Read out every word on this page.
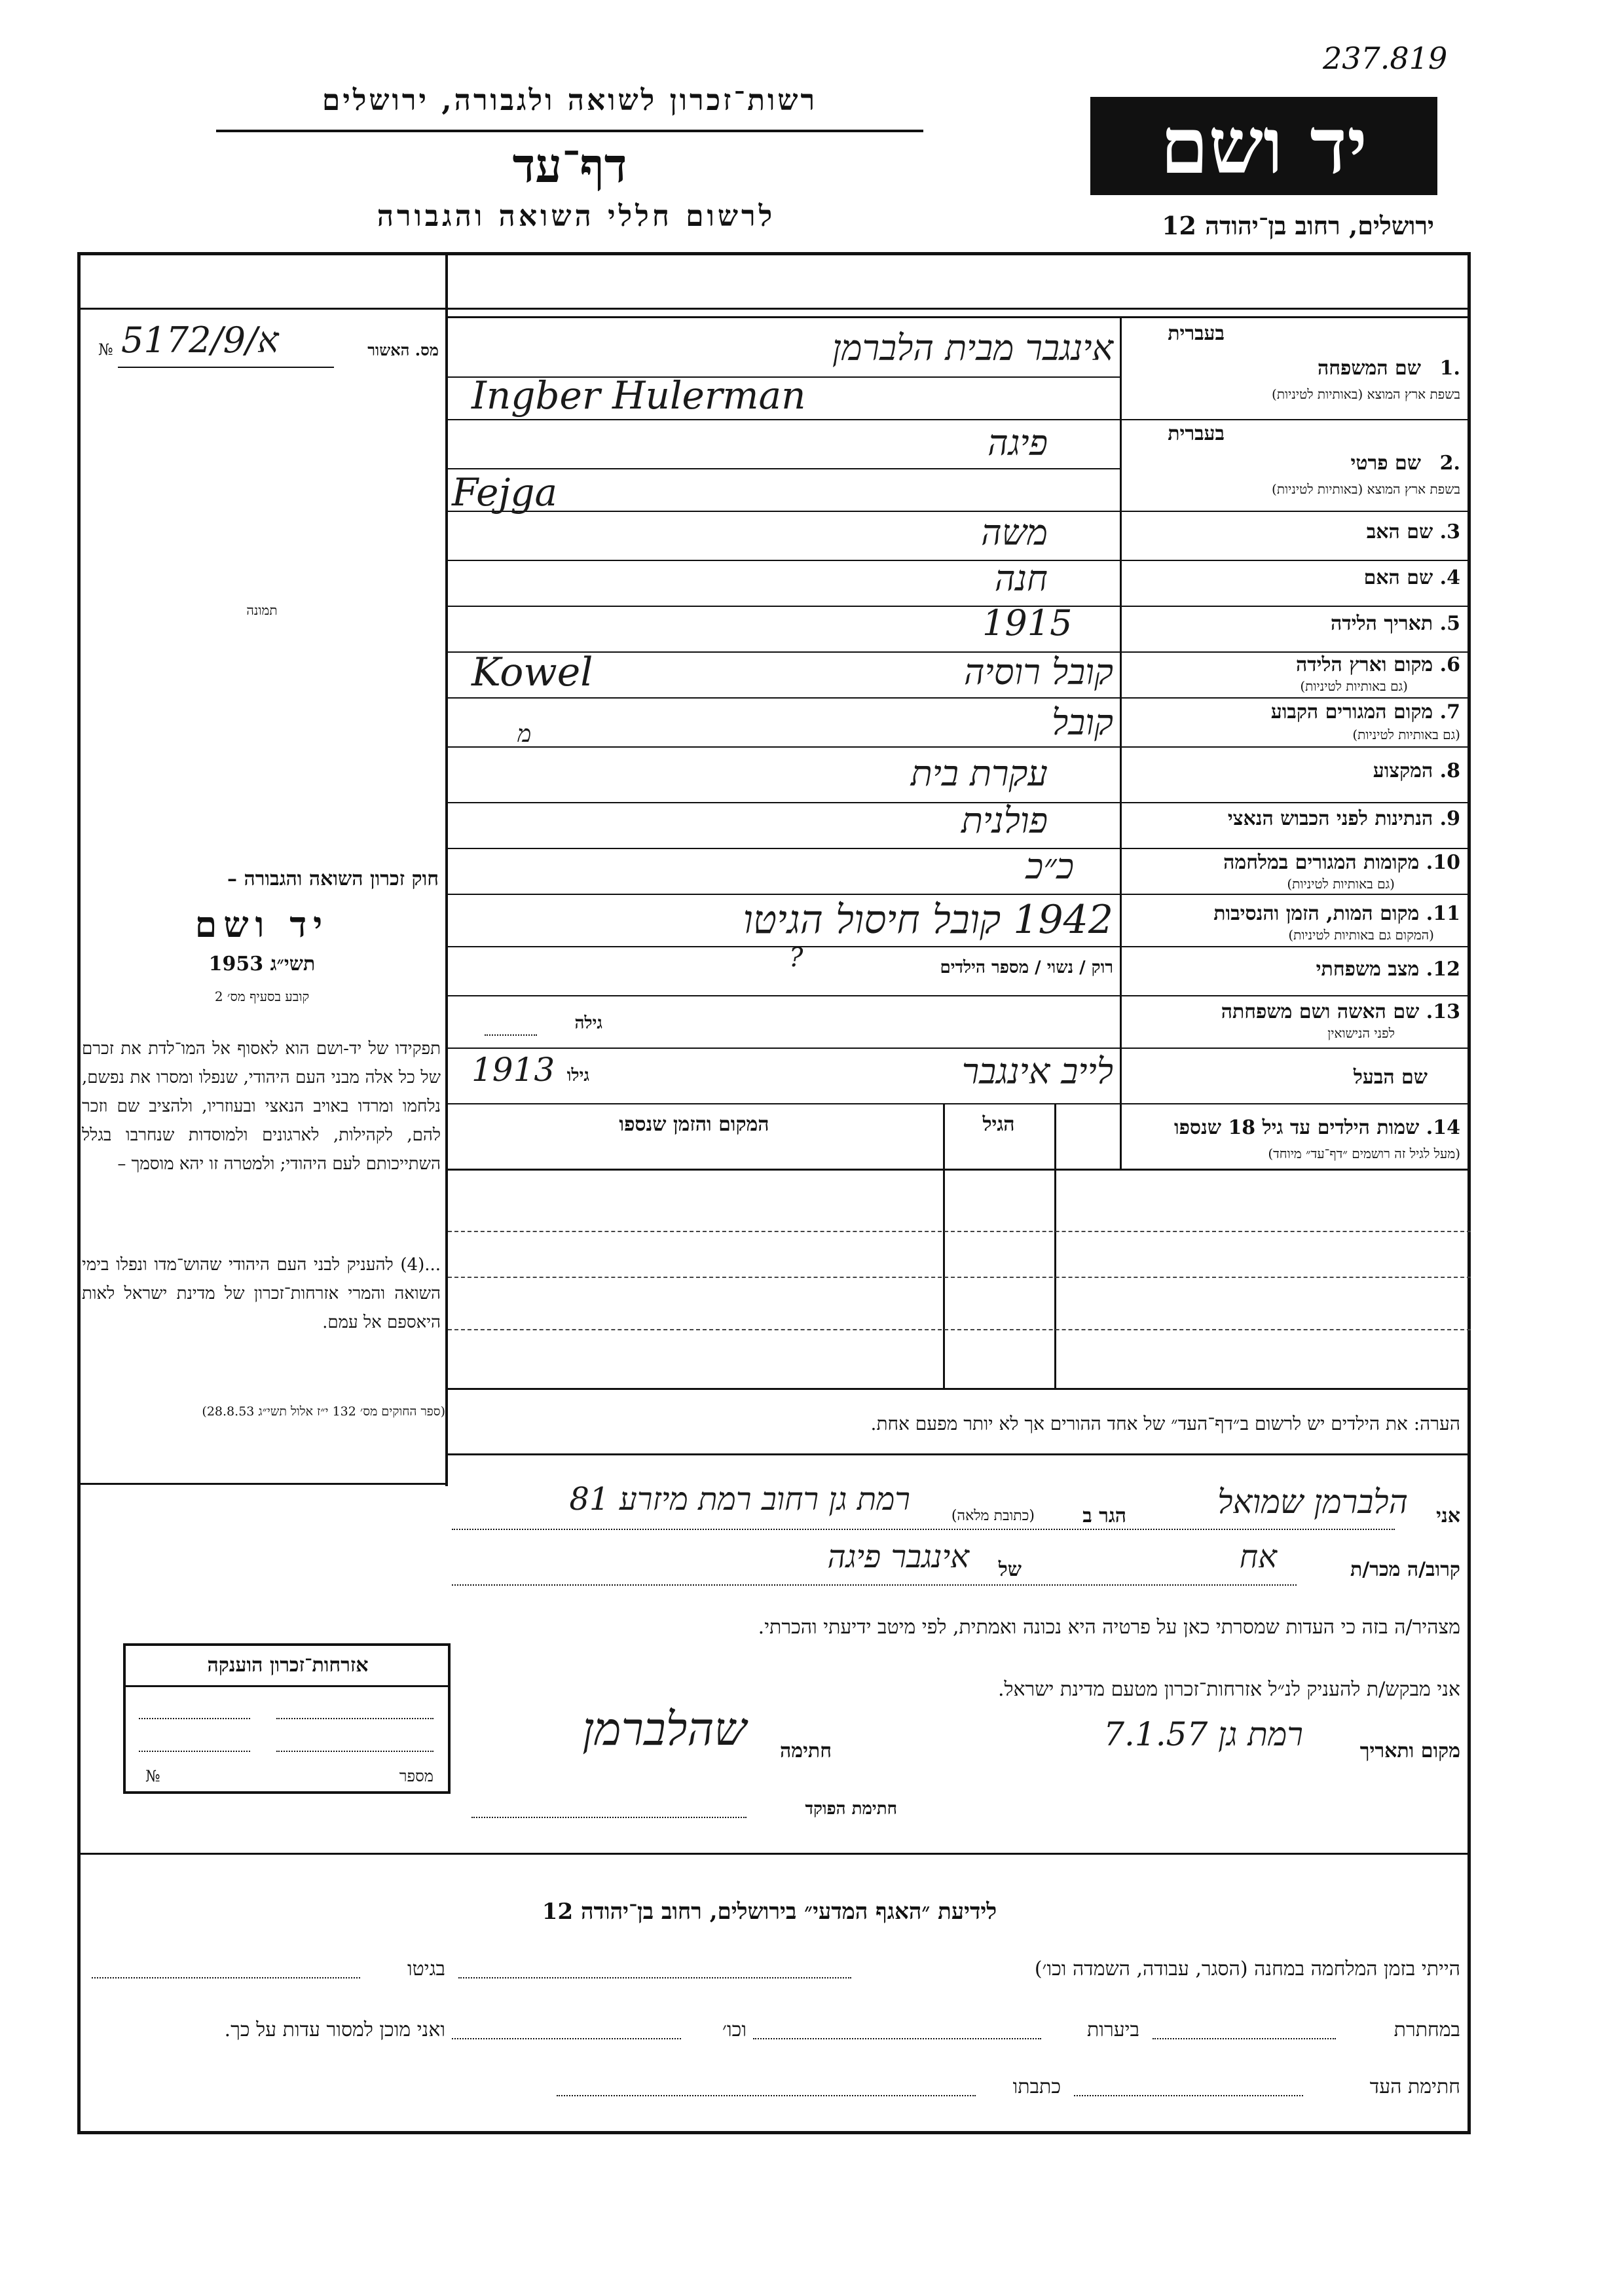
237.819
רשות־זכרון לשואה ולגבורה, ירושלים
דף־עד
לרשום חללי השואה והגבורה
יד ושם
ירושלים, רחוב בן־יהודה 12
מס. האשור
№ א/5172/9
תמונה
חוק זכרון השואה והגבורה –
יד ושם
תשי״ג 1953
קובע בסעיף מס׳ 2
תפקידו של יד-ושם הוא לאסוף אל המו־לדת את זכרם של כל אלה מבני העם היהודי, שנפלו ומסרו את נפשם, נלחמו ומרדו באויב הנאצי ובעוזריו, ולהציב שם וזכר להם, לקהילות, לארגונים ולמוסדות שנחרבו בגלל השתייכותם לעם היהודי; ולמטרה זו יהא מוסמך –
...(4) להעניק לבני העם היהודי שהוש־מדו ונפלו בימי השואה והמרי אזרחות־זכרון של מדינת ישראל לאות היאספם אל עמם.
(ספר החוקים מס׳ 132 י״ז אלול תשי״ג 28.8.53)
בעברית
1.
שם המשפחה
בשפת ארץ המוצא (באותיות לטיניות)
אינגבר מבית הלברמן
Ingber Hulerman
בעברית
2.
שם פרטי
בשפת ארץ המוצא (באותיות לטיניות)
פיגה
Fejga
3. שם האב
משה
4. שם האם
חנה
5. תאריך הלידה
1915
6. מקום וארץ הלידה
(גם באותיות לטיניות)
קובל רוסיה
Kowel
7. מקום המגורים הקבוע
(גם באותיות לטיניות)
קובל
מ
8. המקצוע
עקרת בית
9. הנתינות לפני הכבוש הנאצי
פולנית
10. מקומות המגורים במלחמה
(גם באותיות לטיניות)
כ״כ
11. מקום המות, הזמן והנסיבות
(המקום גם באותיות לטיניות)
1942 קובל חיסול הגיטו
12. מצב משפחתי
רוק / נשוי / מספר הילדים
?
13. שם האשה ושם משפחתה
לפני הנישואין
גילה
שם הבעל
לייב אינגבר
גילו
1913
14. שמות הילדים עד גיל 18 שנספו
(מעל לגיל זה רושמים ״דף־עד״ מיוחד)
הגיל
המקום והזמן שנספו
הערה: את הילדים יש לרשום ב״דף־העד״ של אחד ההורים אך לא יותר מפעם אחת.
אני
הלברמן שמואל
הגר ב
(כתובת מלאה)
רמת גן רחוב רמת מיזרע 81
קרוב/ה מכר/ת
אח
של
אינגבר פיגה
מצהיר/ה בזה כי העדות שמסרתי כאן על פרטיה היא נכונה ואמתית, לפי מיטב ידיעתי והכרתי.
אני מבקש/ת להעניק לנ״ל אזרחות־זכרון מטעם מדינת ישראל.
מקום ותאריך
רמת גן 7.1.57
חתימה
שהלברמן
חתימת הפוקד
אזרחות־זכרון הוענקה
מספר
№
לידיעת ״האגף המדעי״ בירושלים, רחוב בן־יהודה 12
הייתי בזמן המלחמה במחנה (הסגר, עבודה, השמדה וכו׳)
בגיטו
במחתרת
ביערות
וכו׳
ואני מוכן למסור עדות על כך.
חתימת העד
כתבתו
